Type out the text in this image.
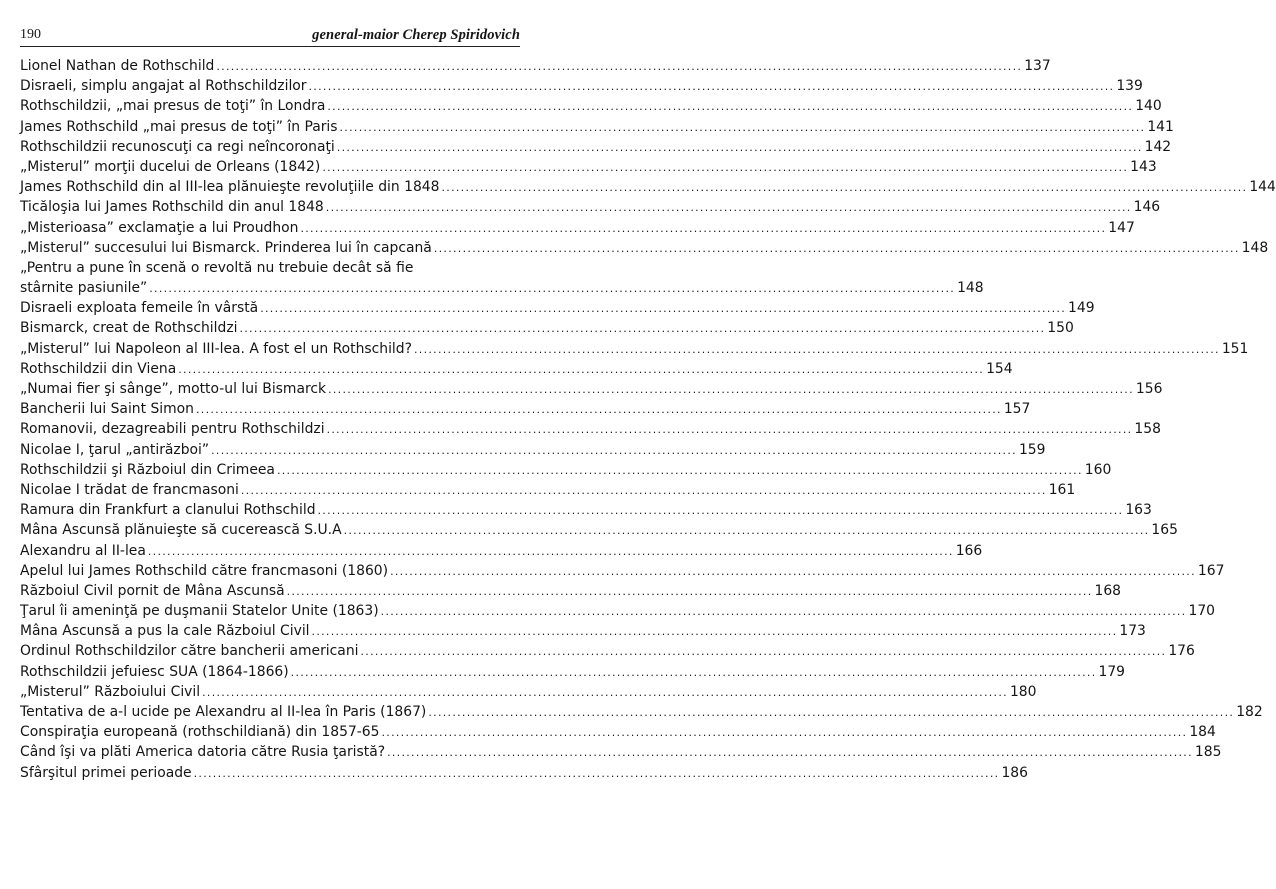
190	general-maior Cherep Spiridovich
Lionel Nathan de Rothschild .....	137
Disraeli, simplu angajat al Rothschildzilor .....	139
Rothschildzii, „mai presus de toţi” în Londra .....	140
James Rothschild „mai presus de toţi” în Paris .....	141
Rothschildzii recunoscuţi ca regi neîncoronaţi .....	142
„Misterul” morţii ducelui de Orleans (1842) .....	143
James Rothschild din al III-lea plănuieşte revoluţiile din 1848 .....	144
Ticăloşia lui James Rothschild din anul 1848 .....	146
„Misterioasa” exclamaţie a lui Proudhon .....	147
„Misterul” succesului lui Bismarck. Prinderea lui în capcană .....	148
„Pentru a pune în scenă o revoltă nu trebuie decât să fie
stârnite pasiunile” .....	148
Disraeli exploata femeile în vârstă .....	149
Bismarck, creat de Rothschildzi .....	150
„Misterul” lui Napoleon al III-lea. A fost el un Rothschild? .....	151
Rothschildzii din Viena .....	154
„Numai fier şi sânge”, motto-ul lui Bismarck .....	156
Bancherii lui Saint Simon .....	157
Romanovii, dezagreabili pentru Rothschildzi .....	158
Nicolae I, ţarul „antirăzboi” .....	159
Rothschildzii şi Războiul din Crimeea .....	160
Nicolae I trădat de francmasoni .....	161
Ramura din Frankfurt a clanului Rothschild .....	163
Mâna Ascunsă plănuieşte să cucerească S.U.A .....	165
Alexandru al II-lea .....	166
Apelul lui James Rothschild către francmasoni (1860) .....	167
Războiul Civil pornit de Mâna Ascunsă .....	168
Ţarul îi ameninţă pe duşmanii Statelor Unite (1863) .....	170
Mâna Ascunsă a pus la cale Războiul Civil .....	173
Ordinul Rothschildzilor către bancherii americani .....	176
Rothschildzii jefuiesc SUA (1864-1866) .....	179
„Misterul” Războiului Civil .....	180
Tentativa de a-l ucide pe Alexandru al II-lea în Paris (1867) .....	182
Conspiraţia europeană (rothschildiană) din 1857-65 .....	184
Când îşi va plăti America datoria către Rusia ţaristă? .....	185
Sfârşitul primei perioade .....	186
